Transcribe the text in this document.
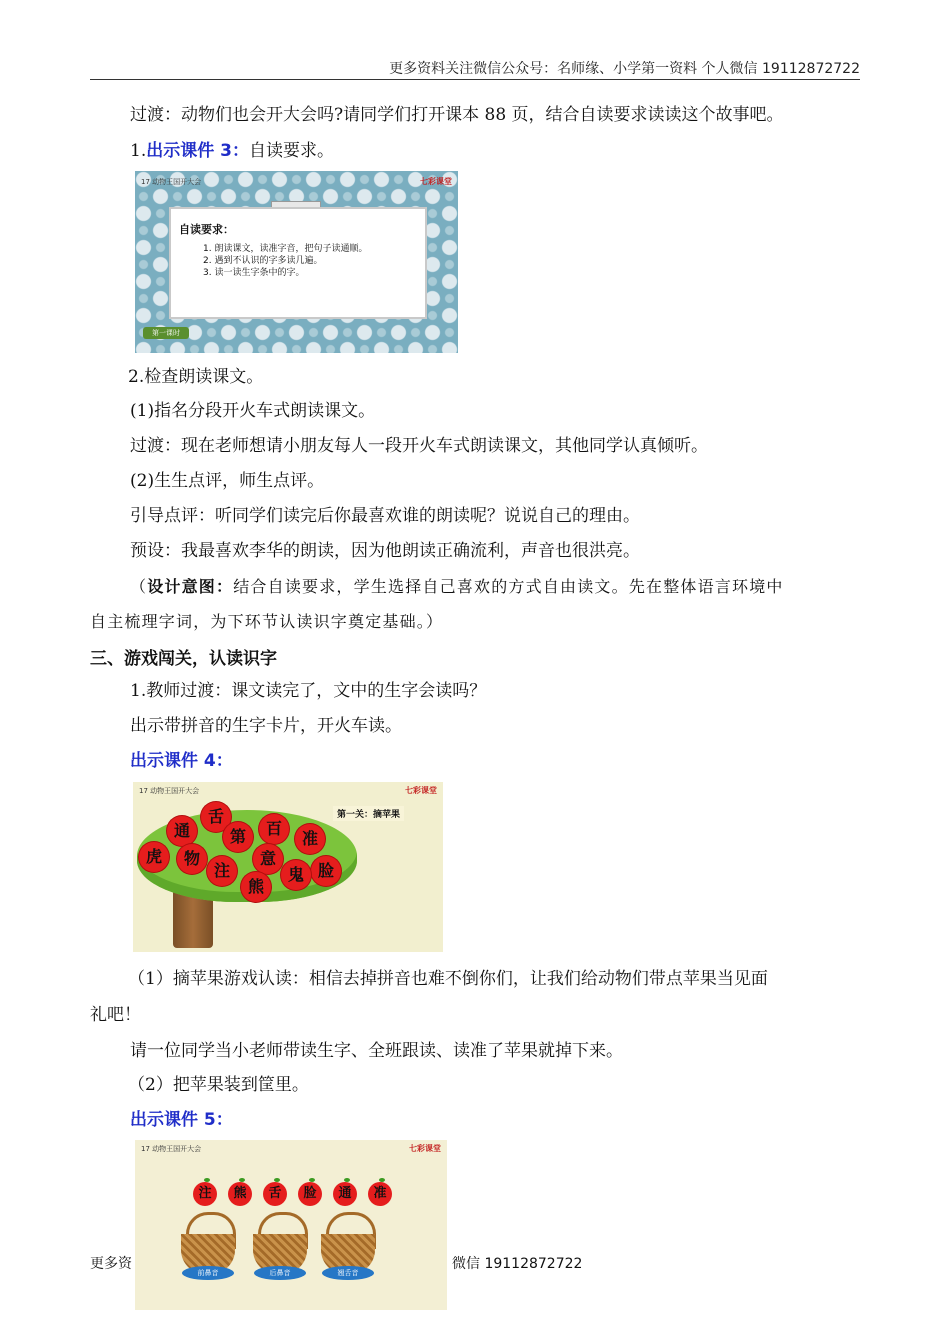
更多资料关注微信公众号：名师缘、小学第一资料 个人微信 19112872722
过渡：动物们也会开大会吗?请同学们打开课本 88 页，结合自读要求读读这个故事吧。
1.出示课件 3：自读要求。
17 动物王国开大会	七彩课堂
自读要求：
1. 朗读课文，读准字音，把句子读通顺。
2. 遇到不认识的字多读几遍。
3. 读一读生字条中的字。
第一课时
2.检查朗读课文。
(1)指名分段开火车式朗读课文。
过渡：现在老师想请小朋友每人一段开火车式朗读课文，其他同学认真倾听。
(2)生生点评，师生点评。
引导点评：听同学们读完后你最喜欢谁的朗读呢？说说自己的理由。
预设：我最喜欢李华的朗读，因为他朗读正确流利，声音也很洪亮。
（设计意图：结合自读要求，学生选择自己喜欢的方式自由读文。先在整体语言环境中
自主梳理字词，为下环节认读识字奠定基础。）
三、游戏闯关，认读识字
1.教师过渡：课文读完了，文中的生字会读吗？
出示带拼音的生字卡片，开火车读。
出示课件 4：
17 动物王国开大会	七彩课堂
第一关：摘苹果
舌
通	第	百
准
虎	物
注
意
脸
熊
鬼
（1）摘苹果游戏认读：相信去掉拼音也难不倒你们，让我们给动物们带点苹果当见面
礼吧！
请一位同学当小老师带读生字、全班跟读、读准了苹果就掉下来。
（2）把苹果装到筐里。
出示课件 5：
17 动物王国开大会	七彩课堂
注	熊	舌	脸	通	准
前鼻音	后鼻音	翘舌音
更多资	微信 19112872722
